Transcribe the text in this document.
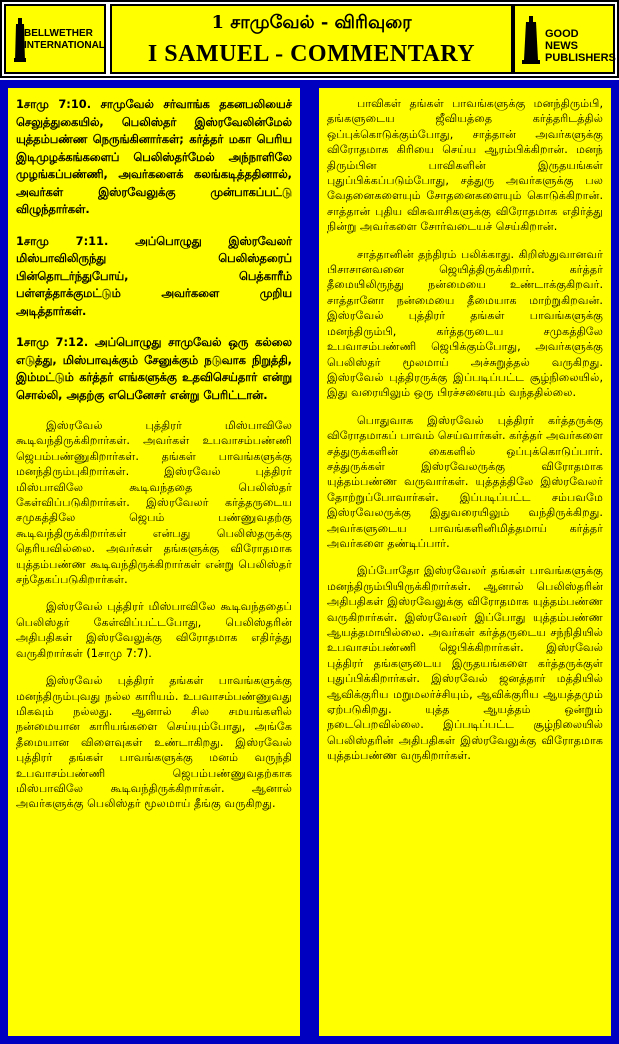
BELLWETHER
INTERNATIONAL
1 சாமுவேல் - விரிவுரை
I SAMUEL - COMMENTARY
GOOD NEWS
PUBLISHERS

1சாமு 7:10. சாமுவேல் சர்வாங்க தகனபலியைச் செலுத்துகையில், பெலிஸ்தர் இஸ்ரவேலின்மேல் யுத்தம்பண்ண நெருங்கினார்கள்; கர்த்தர் மகா பெரிய இடிமுழக்கங்களைப் பெலிஸ்தர்மேல் அந்நாளிலே முழங்கப்பண்ணி, அவர்களைக் கலங்கடித்ததினால், அவர்கள் இஸ்ரவேலுக்கு முன்பாகப்பட்டு விழுந்தார்கள்.

1சாமு 7:11. அப்பொழுது இஸ்ரவேலர் மிஸ்பாவிலிருந்து பெலிஸ்தரைப் பின்தொடர்ந்துபோய், பெத்காரீம் பள்ளத்தாக்குமட்டும் அவர்களை முறிய அடித்தார்கள்.

1சாமு 7:12. அப்பொழுது சாமுவேல் ஒரு கல்லை எடுத்து, மிஸ்பாவுக்கும் சேனுக்கும் நடுவாக நிறுத்தி, இம்மட்டும் கர்த்தர் எங்களுக்கு உதவிசெய்தார் என்று சொல்லி, அதற்கு எபெனேசர் என்று பேரிட்டான்.

இஸ்ரவேல் புத்திரர் மிஸ்பாவிலே கூடிவந்திருக்கிறார்கள். அவர்கள் உபவாசம்பண்ணி ஜெபம்பண்ணுகிறார்கள். தங்கள் பாவங்களுக்கு மனந்திரும்புகிறார்கள். இஸ்ரவேல் புத்திரர் மிஸ்பாவிலே கூடிவந்ததை பெலிஸ்தர் கேள்விப்படுகிறார்கள். இஸ்ரவேலர் கர்த்தருடைய சமுகத்திலே ஜெபம் பண்ணுவதற்கு கூடிவந்திருக்கிறார்கள் என்பது பெலிஸ்தருக்கு தெரியவில்லை. அவர்கள் தங்களுக்கு விரோதமாக யுத்தம்பண்ண கூடிவந்திருக்கிறார்கள் என்று பெலிஸ்தர் சந்தேகப்படுகிறார்கள்.

இஸ்ரவேல் புத்திரர் மிஸ்பாவிலே கூடிவந்ததைப் பெலிஸ்தர் கேள்விப்பட்டபோது, பெலிஸ்தரின் அதிபதிகள் இஸ்ரவேலுக்கு விரோதமாக எதிர்த்து வருகிறார்கள் (1சாமு 7:7).

இஸ்ரவேல் புத்திரர் தங்கள் பாவங்களுக்கு மனந்திரும்புவது நல்ல காரியம். உபவாசம்பண்ணுவது மிகவும் நல்லது. ஆனால் சில சமயங்களில் நன்மையான காரியங்களை செய்யும்போது, அங்கே தீமையான விளைவுகள் உண்டாகிறது. இஸ்ரவேல் புத்திரர் தங்கள் பாவங்களுக்கு மனம் வருந்தி உபவாசம்பண்ணி ஜெபம்பண்ணுவதற்காக மிஸ்பாவிலே கூடிவந்திருக்கிறார்கள். ஆனால் அவர்களுக்கு பெலிஸ்தர் மூலமாய் தீங்கு வருகிறது.

பாவிகள் தங்கள் பாவங்களுக்கு மனந்திரும்பி, தங்களுடைய ஜீவியத்தை கர்த்தரிடத்தில் ஒப்புக்கொடுக்கும்போது, சாத்தான் அவர்களுக்கு விரோதமாக கிரியை செய்ய ஆரம்பிக்கிறான். மனந் திரும்பின பாவிகளின் இருதயங்கள் புதுப்பிக்கப்படும்போது, சத்துரு அவர்களுக்கு பல வேதனைகளையும் சோதனைகளையும் கொடுக்கிறான். சாத்தான் புதிய விசுவாசிகளுக்கு விரோதமாக எதிர்த்து நின்று அவர்களை சோர்வடையச் செய்கிறான்.

சாத்தானின் தந்திரம் பலிக்காது. கிறிஸ்துவானவர் பிசாசானவனை ஜெயித்திருக்கிறார். கர்த்தர் தீமையிலிருந்து நன்மையை உண்டாக்குகிறவர். சாத்தானோ நன்மையை தீமையாக மாற்றுகிறவன். இஸ்ரவேல் புத்திரர் தங்கள் பாவங்களுக்கு மனந்திரும்பி, கர்த்தருடைய சமுகத்திலே உபவாசம்பண்ணி ஜெபிக்கும்போது, அவர்களுக்கு பெலிஸ்தர் மூலமாய் அச்சுறுத்தல் வருகிறது. இஸ்ரவேல் புத்திரருக்கு இப்படிப்பட்ட சூழ்நிலையில், இது வரையிலும் ஒரு பிரச்சனையும் வந்ததில்லை.

பொதுவாக இஸ்ரவேல் புத்திரர் கர்த்தருக்கு விரோதமாகப் பாவம் செய்வார்கள். கர்த்தர் அவர்களை சத்துருக்களின் கைகளில் ஒப்புக்கொடுப்பார். சத்துருக்கள் இஸ்ரவேலருக்கு விரோதமாக யுத்தம்பண்ண வருவார்கள். யுத்தத்திலே இஸ்ரவேலர் தோற்றுப்போவார்கள். இப்படிப்பட்ட சம்பவமே இஸ்ரவேலருக்கு இதுவரையிலும் வந்திருக்கிறது. அவர்களுடைய பாவங்களினிமித்தமாய் கர்த்தர் அவர்களை தண்டிப்பார்.

இப்போதோ இஸ்ரவேலர் தங்கள் பாவங்களுக்கு மனந்திரும்பியிருக்கிறார்கள். ஆனால் பெலிஸ்தரின் அதிபதிகள் இஸ்ரவேலுக்கு விரோதமாக யுத்தம்பண்ண வருகிறார்கள். இஸ்ரவேலர் இப்போது யுத்தம்பண்ண ஆயத்தமாயில்லை. அவர்கள் கர்த்தருடைய சந்நிதியில் உபவாசம்பண்ணி ஜெபிக்கிறார்கள். இஸ்ரவேல் புத்திரர் தங்களுடைய இருதயங்களை கர்த்தருக்குள் புதுப்பிக்கிறார்கள். இஸ்ரவேல் ஜனத்தார் மத்தியில் ஆவிக்குரிய மறுமலர்ச்சியும், ஆவிக்குரிய ஆயத்தமும் ஏற்படுகிறது. யுத்த ஆயத்தம் ஒன்றும் நடைபெறவில்லை. இப்படிப்பட்ட சூழ்நிலையில் பெலிஸ்தரின் அதிபதிகள் இஸ்ரவேலுக்கு விரோதமாக யுத்தம்பண்ண வருகிறார்கள்.
